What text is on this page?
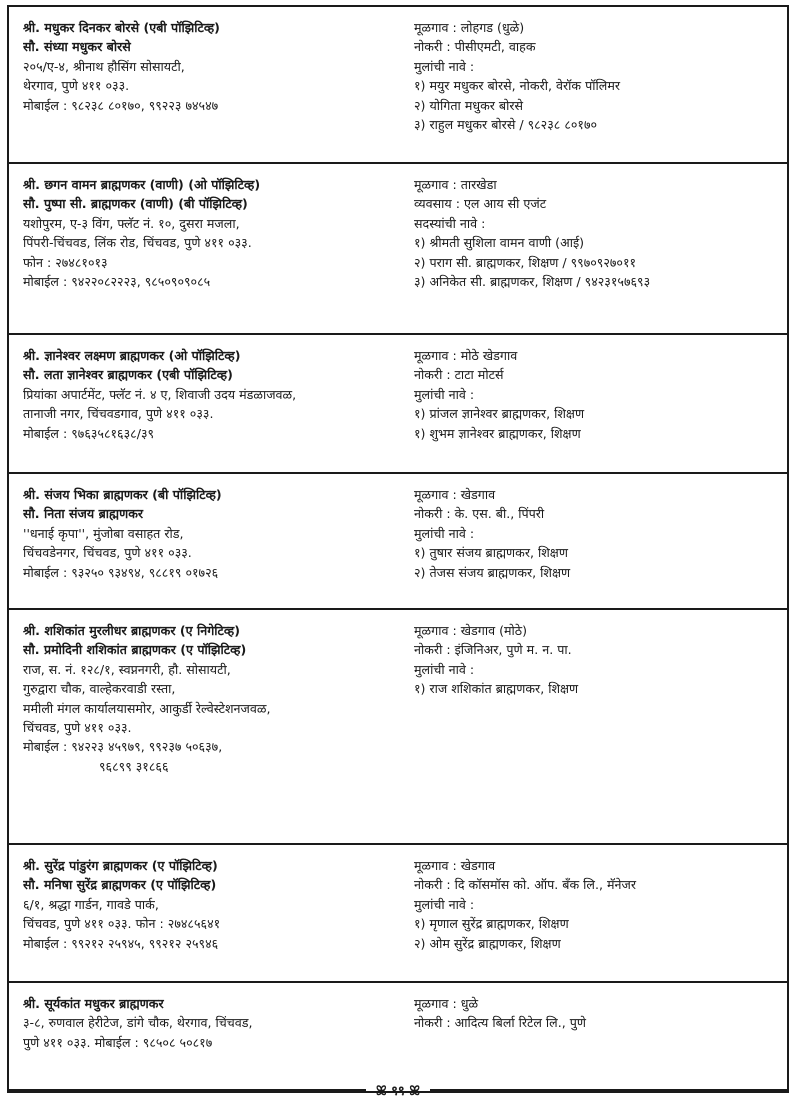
श्री. मधुकर दिनकर बोरसे (एबी पॉझिटिव्ह)
सौ. संध्या मधुकर बोरसे
२०५/ए-४, श्रीनाथ हौसिंग सोसायटी,
थेरगाव, पुणे ४११ ०३३.
मोबाईल : ९८२३८ ८०१७०, ९९२२३ ७४५४७
मूळगाव : लोहगड (धुळे)
नोकरी : पीसीएमटी, वाहक
मुलांची नावे :
१) मयुर मधुकर बोरसे, नोकरी, वेरॉक पॉलिमर
२) योगिता मधुकर बोरसे
३) राहुल मधुकर बोरसे / ९८२३८ ८०१७०
श्री. छगन वामन ब्राह्मणकर (वाणी) (ओ पॉझिटिव्ह)
सौ. पुष्पा सी. ब्राह्मणकर (वाणी) (बी पॉझिटिव्ह)
यशोपुरम, ए-३ विंग, फ्लॅट नं. १०, दुसरा मजला,
पिंपरी-चिंचवड, लिंक रोड, चिंचवड, पुणे ४११ ०३३.
फोन : २७४८१०१३
मोबाईल : ९४२२०८२२२३, ९८५०९०९०८५
मूळगाव : तारखेडा
व्यवसाय : एल आय सी एजंट
सदस्यांची नावे :
१) श्रीमती सुशिला वामन वाणी (आई)
२) पराग सी. ब्राह्मणकर, शिक्षण / ९९७०९२७०११
३) अनिकेत सी. ब्राह्मणकर, शिक्षण / ९४२३१५७६९३
श्री. ज्ञानेश्वर लक्ष्मण ब्राह्मणकर (ओ पॉझिटिव्ह)
सौ. लता ज्ञानेश्वर ब्राह्मणकर (एबी पॉझिटिव्ह)
प्रियांका अपार्टमेंट, फ्लॅट नं. ४ ए, शिवाजी उदय मंडळाजवळ,
तानाजी नगर, चिंचवडगाव, पुणे ४११ ०३३.
मोबाईल : ९७६३५८१६३८/३९
मूळगाव : मोठे खेडगाव
नोकरी : टाटा मोटर्स
मुलांची नावे :
१) प्रांजल ज्ञानेश्वर ब्राह्मणकर, शिक्षण
१) शुभम ज्ञानेश्वर ब्राह्मणकर, शिक्षण
श्री. संजय भिका ब्राह्मणकर (बी पॉझिटिव्ह)
सौ. निता संजय ब्राह्मणकर
''धनाई कृपा'', मुंजोबा वसाहत रोड,
चिंचवडेनगर, चिंचवड, पुणे ४११ ०३३.
मोबाईल : ९३२५० ९३४९४, ९८८१९ ०१७२६
मूळगाव : खेडगाव
नोकरी : के. एस. बी., पिंपरी
मुलांची नावे :
१) तुषार संजय ब्राह्मणकर, शिक्षण
२) तेजस संजय ब्राह्मणकर, शिक्षण
श्री. शशिकांत मुरलीधर ब्राह्मणकर (ए निगेटिव्ह)
सौ. प्रमोदिनी शशिकांत ब्राह्मणकर (ए पॉझिटिव्ह)
राज, स. नं. १२८/१, स्वप्ननगरी, हौ. सोसायटी,
गुरुद्वारा चौक, वाल्हेकरवाडी रस्ता,
ममीली मंगल कार्यालयासमोर, आकुर्डी रेल्वेस्टेशनजवळ,
चिंचवड, पुणे ४११ ०३३.
मोबाईल : ९४२२३ ४५९७९, ९९२३७ ५०६३७,
९६८९९ ३१८६६
मूळगाव : खेडगाव (मोठे)
नोकरी : इंजिनिअर, पुणे म. न. पा.
मुलांची नावे :
१) राज शशिकांत ब्राह्मणकर, शिक्षण
श्री. सुरेंद्र पांडुरंग ब्राह्मणकर (ए पॉझिटिव्ह)
सौ. मनिषा सुरेंद्र ब्राह्मणकर (ए पॉझिटिव्ह)
६/१, श्रद्धा गार्डन, गावडे पार्क,
चिंचवड, पुणे ४११ ०३३. फोन : २७४८५६४१
मोबाईल : ९९२१२ २५९४५, ९९२१२ २५९४६
मूळगाव : खेडगाव
नोकरी : दि कॉसमॉस को. ऑप. बँक लि., मॅनेजर
मुलांची नावे :
१) मृणाल सुरेंद्र ब्राह्मणकर, शिक्षण
२) ओम सुरेंद्र ब्राह्मणकर, शिक्षण
श्री. सूर्यकांत मधुकर ब्राह्मणकर
३-८, रुणवाल हेरीटेज, डांगे चौक, थेरगाव, चिंचवड,
पुणे ४११ ०३३. मोबाईल : ९८५०८ ५०८१७
मूळगाव : धुळे
नोकरी : आदित्य बिर्ला रिटेल लि., पुणे
ꕤ ९९ ꕤ
